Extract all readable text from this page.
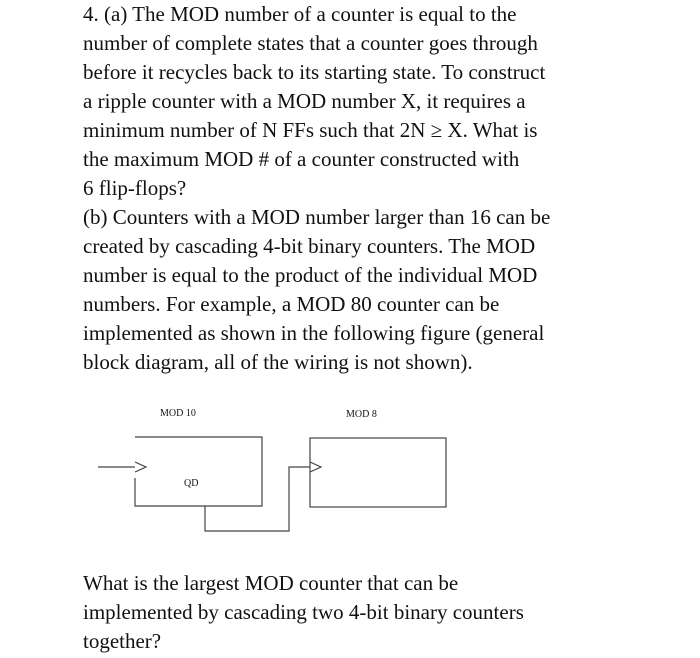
4. (a) The MOD number of a counter is equal to the
number of complete states that a counter goes through
before it recycles back to its starting state. To construct
a ripple counter with a MOD number X, it requires a
minimum number of N FFs such that 2N ≥ X. What is
the maximum MOD # of a counter constructed with
6 flip-flops?
(b) Counters with a MOD number larger than 16 can be
created by cascading 4-bit binary counters. The MOD
number is equal to the product of the individual MOD
numbers. For example, a MOD 80 counter can be
implemented as shown in the following figure (general
block diagram, all of the wiring is not shown).
MOD 10	MOD 8
QD
What is the largest MOD counter that can be
implemented by cascading two 4-bit binary counters
together?
